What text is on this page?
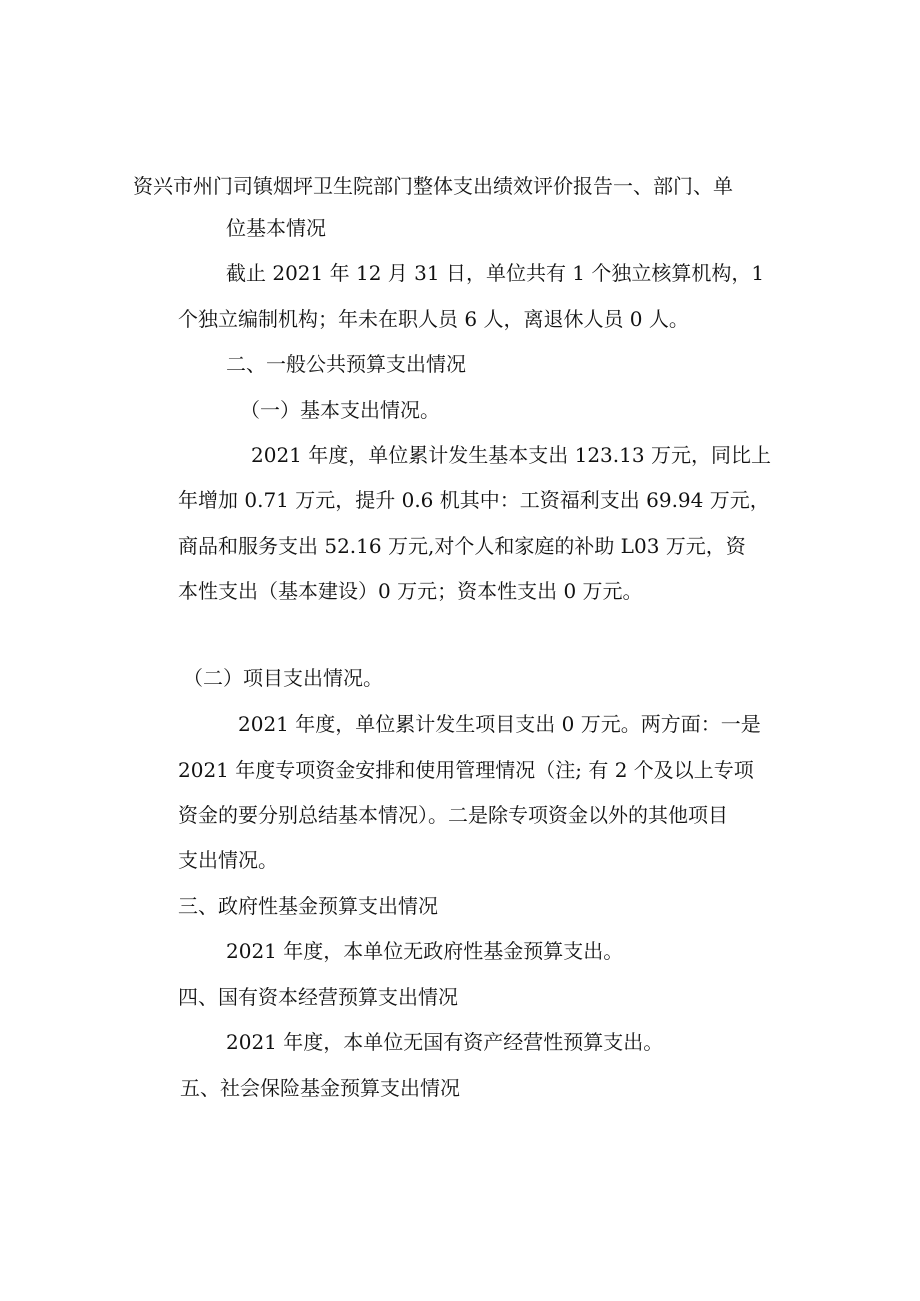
资兴市州门司镇烟坪卫生院部门整体支出绩效评价报告一、部门、单

位基本情况

截止 2021 年 12 月 31 日，单位共有 1 个独立核算机构，1

个独立编制机构；年未在职人员 6 人，离退休人员 0 人。

二、一般公共预算支出情况

（一）基本支出情况。

2021 年度，单位累计发生基本支出 123.13 万元，同比上

年增加 0.71 万元，提升 0.6 机其中：工资福利支出 69.94 万元，

商品和服务支出 52.16 万元,对个人和家庭的补助 L03 万元，资

本性支出（基本建设）0 万元；资本性支出 0 万元。

（二）项目支出情况。

2021 年度，单位累计发生项目支出 0 万元。两方面：一是

2021 年度专项资金安排和使用管理情况（注; 有 2 个及以上专项

资金的要分别总结基本情况）。二是除专项资金以外的其他项目

支出情况。

三、政府性基金预算支出情况

2021 年度，本单位无政府性基金预算支出。

四、国有资本经营预算支出情况

2021 年度，本单位无国有资产经营性预算支出。

五、社会保险基金预算支出情况
